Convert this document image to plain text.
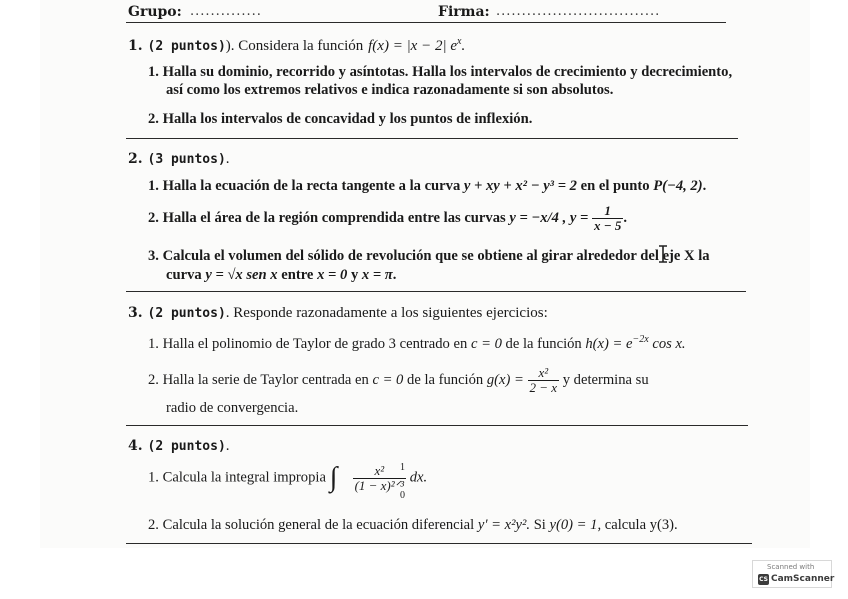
Grupo: ..............	Firma: ................................
1. (2 puntos)). Considera la función f(x) = |x − 2| $e^x$.
1. Halla su dominio, recorrido y asíntotas. Halla los intervalos de crecimiento y decrecimiento,
así como los extremos relativos e indica razonadamente si son absolutos.
2. Halla los intervalos de concavidad y los puntos de inflexión.
2. (3 puntos).
1. Halla la ecuación de la recta tangente a la curva y + xy + x² − y³ = 2 en el punto P(−4, 2).
2. Halla el área de la región comprendida entre las curvas y = −x/4 , $y = \frac{1}{x - 5}$ .
3. Calcula el volumen del sólido de revolución que se obtiene al girar alrededor del eje X la
curva y = √x sen x entre x = 0 y x = π.
3. (2 puntos). Responde razonadamente a los siguientes ejercicios:
1. Halla el polinomio de Taylor de grado 3 centrado en c = 0 de la función $h(x) = e^{-2x}$ cos x.
2. Halla la serie de Taylor centrada en c = 0 de la función $g(x) = \frac{\text{x²}}{2 - x}$ y determina su
radio de convergencia.
4. (2 puntos).
1. Calcula la integral impropia ∫	1
0

$\frac{\text{x²}}{\text{(1 − x)²ᐟ³}}$ dx.
2. Calcula la solución general de la ecuación diferencial y′ = x²y². Si y(0) = 1, calcula y(3).
Scanned with
CS CamScanner
